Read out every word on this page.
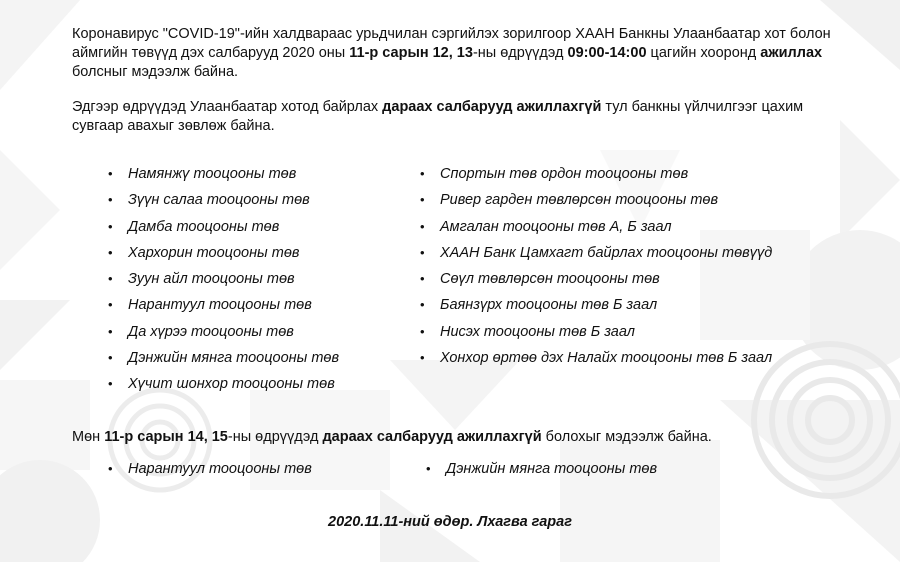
Коронавирус "COVID-19"-ийн халдвараас урьдчилан сэргийлэх зорилгоор ХААН Банкны Улаанбаатар хот болон аймгийн төвүүд дэх салбарууд 2020 оны 11-р сарын 12, 13-ны өдрүүдэд 09:00-14:00 цагийн хооронд ажиллах болсныг мэдээлж байна.

Эдгээр өдрүүдэд Улаанбаатар хотод байрлах дараах салбарууд ажиллахгүй тул банкны үйлчилгээг цахим сувгаар авахыг зөвлөж байна.

• Намянжү тооцооны төв
• Зүүн салаа тооцооны төв
• Дамба тооцооны төв
• Хархорин тооцооны төв
• Зуун айл тооцооны төв
• Нарантуул тооцооны төв
• Да хүрээ тооцооны төв
• Дэнжийн мянга тооцооны төв
• Хүчит шонхор тооцооны төв
• Спортын төв ордон тооцооны төв
• Ривер гарден төвлөрсөн тооцооны төв
• Амгалан тооцооны төв А, Б заал
• ХААН Банк Цамхагт байрлах тооцооны төвүүд
• Сөүл төвлөрсөн тооцооны төв
• Баянзүрх тооцооны төв Б заал
• Нисэх тооцооны төв Б заал
• Хонхор өртөө дэх Налайх тооцооны төв Б заал

Мөн 11-р сарын 14, 15-ны өдрүүдэд дараах салбарууд ажиллахгүй болохыг мэдээлж байна.

• Нарантуул тооцооны төв
•	Дэнжийн мянга тооцооны төв
2020.11.11-ний өдөр. Лхагва гараг
